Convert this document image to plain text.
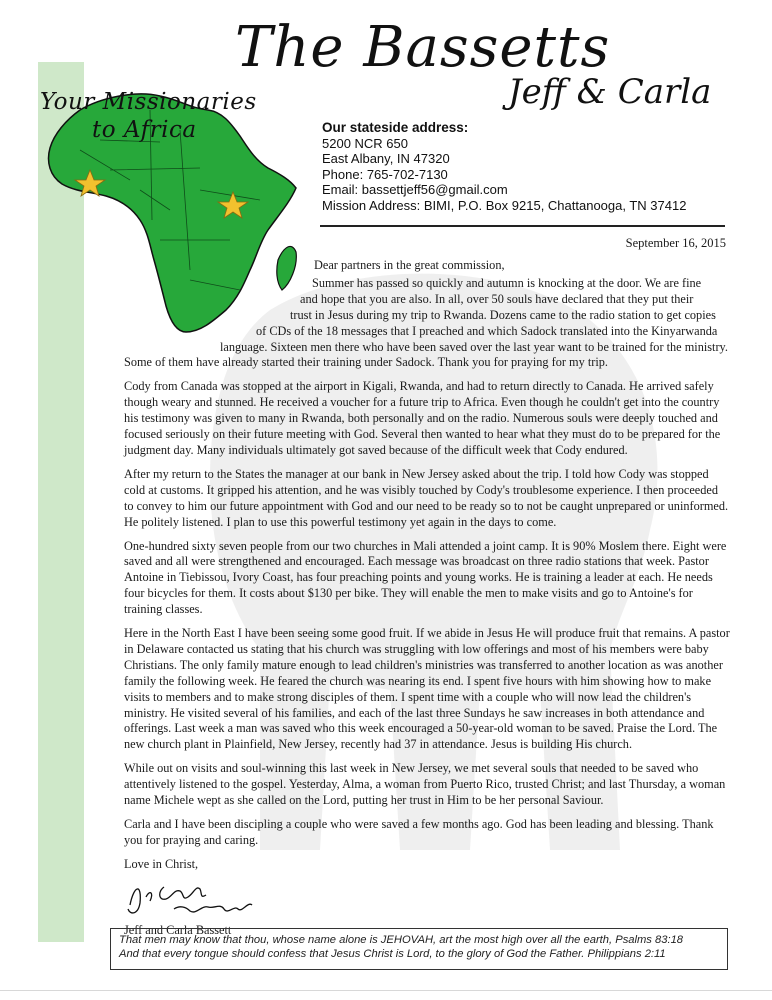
Your Missionaries
to Africa
The Bassetts
Jeff & Carla
Our stateside address:
5200 NCR 650
East Albany, IN 47320
Phone: 765-702-7130
Email: bassettjeff56@gmail.com
Mission Address: BIMI, P.O. Box 9215, Chattanooga, TN 37412
September 16, 2015
Dear partners in the great commission,
Summer has passed so quickly and autumn is knocking at the door. We are fine
and hope that you are also. In all, over 50 souls have declared that they put their
trust in Jesus during my trip to Rwanda. Dozens came to the radio station to get copies
of CDs of the 18 messages that I preached and which Sadock translated into the Kinyarwanda
language. Sixteen men there who have been saved over the last year want to be trained for the ministry.
Some of them have already started their training under Sadock. Thank you for praying for my trip.

Cody from Canada was stopped at the airport in Kigali, Rwanda, and had to return directly to Canada. He arrived safely though weary and stunned. He received a voucher for a future trip to Africa. Even though he couldn't get into the country his testimony was given to many in Rwanda, both personally and on the radio. Numerous souls were deeply touched and focused seriously on their future meeting with God. Several then wanted to hear what they must do to be prepared for the judgment day. Many individuals ultimately got saved because of the difficult week that Cody endured.

After my return to the States the manager at our bank in New Jersey asked about the trip. I told how Cody was stopped cold at customs. It gripped his attention, and he was visibly touched by Cody's troublesome experience. I then proceeded to convey to him our future appointment with God and our need to be ready so to not be caught unprepared or uninformed. He politely listened. I plan to use this powerful testimony yet again in the days to come.

One-hundred sixty seven people from our two churches in Mali attended a joint camp. It is 90% Moslem there. Eight were saved and all were strengthened and encouraged. Each message was broadcast on three radio stations that week. Pastor Antoine in Tiebissou, Ivory Coast, has four preaching points and young works. He is training a leader at each. He needs four bicycles for them. It costs about $130 per bike. They will enable the men to make visits and go to Antoine's for training classes.

Here in the North East I have been seeing some good fruit. If we abide in Jesus He will produce fruit that remains. A pastor in Delaware contacted us stating that his church was struggling with low offerings and most of his members were baby Christians. The only family mature enough to lead children's ministries was transferred to another location as was another family the following week. He feared the church was nearing its end. I spent five hours with him showing how to make visits to members and to make strong disciples of them. I spent time with a couple who will now lead the children's ministry. He visited several of his families, and each of the last three Sundays he saw increases in both attendance and offerings. Last week a man was saved who this week encouraged a 50-year-old woman to be saved. Praise the Lord. The new church plant in Plainfield, New Jersey, recently had 37 in attendance. Jesus is building His church.

While out on visits and soul-winning this last week in New Jersey, we met several souls that needed to be saved who attentively listened to the gospel. Yesterday, Alma, a woman from Puerto Rico, trusted Christ; and last Thursday, a woman name Michele wept as she called on the Lord, putting her trust in Him to be her personal Saviour.

Carla and I have been discipling a couple who were saved a few months ago. God has been leading and blessing. Thank you for praying and caring.

Love in Christ,
Jeff and Carla Bassett
That men may know that thou, whose name alone is JEHOVAH, art the most high over all the earth, Psalms 83:18
And that every tongue should confess that Jesus Christ is Lord, to the glory of God the Father. Philippians 2:11
